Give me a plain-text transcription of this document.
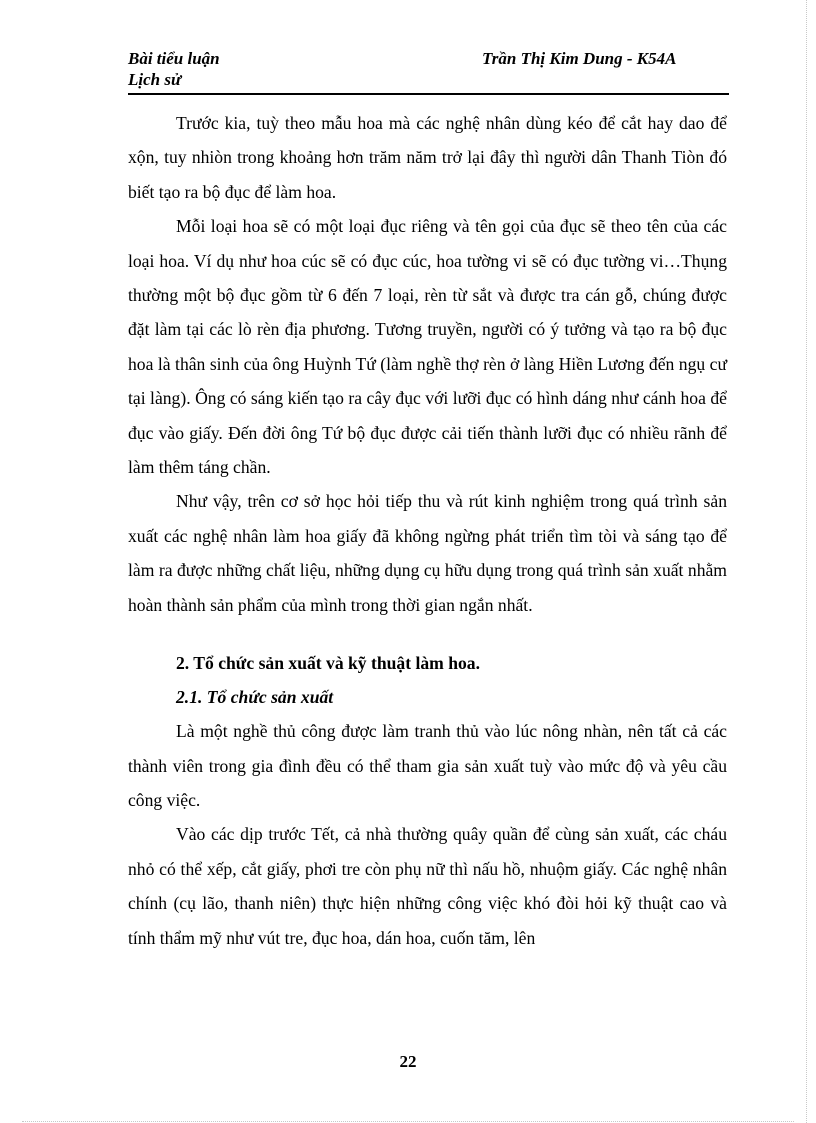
Bài tiểu luận
Lịch sử
Trần Thị Kim Dung - K54A

Trước kia, tuỳ theo mẫu hoa mà các nghệ nhân dùng kéo để cắt hay dao để xộn, tuy nhiòn trong khoảng hơn trăm năm trở lại đây thì người dân Thanh Tiòn đó biết tạo ra bộ đục để làm hoa.

Mỗi loại hoa sẽ có một loại đục riêng và tên gọi của đục sẽ theo tên của các loại hoa. Ví dụ như hoa cúc sẽ có đục cúc, hoa tường vi sẽ có đục tường vi…Thụng thường một bộ đục gồm từ 6 đến 7 loại, rèn từ sắt và được tra cán gỗ, chúng được đặt làm tại các lò rèn địa phương. Tương truyền, người có ý tưởng và tạo ra bộ đục hoa là thân sinh của ông Huỳnh Tứ (làm nghề thợ rèn ở làng Hiền Lương đến ngụ cư tại làng). Ông có sáng kiến tạo ra cây đục với lưỡi đục có hình dáng như cánh hoa để đục vào giấy. Đến đời ông Tứ bộ đục được cải tiến thành lưỡi đục có nhiều rãnh để làm thêm táng chần.

Như vậy, trên cơ sở học hỏi tiếp thu và rút kinh nghiệm trong quá trình sản xuất các nghệ nhân làm hoa giấy đã không ngừng phát triển tìm tòi và sáng tạo để làm ra được những chất liệu, những dụng cụ hữu dụng trong quá trình sản xuất nhằm hoàn thành sản phẩm của mình trong thời gian ngắn nhất.

2. Tổ chức sản xuất và kỹ thuật làm hoa.

2.1. Tổ chức sản xuất

Là một nghề thủ công được làm tranh thủ vào lúc nông nhàn, nên tất cả các thành viên trong gia đình đều có thể tham gia sản xuất tuỳ vào mức độ và yêu cầu công việc.

Vào các dịp trước Tết, cả nhà thường quây quần để cùng sản xuất, các cháu nhỏ có thể xếp, cắt giấy, phơi tre còn phụ nữ thì nấu hồ, nhuộm giấy. Các nghệ nhân chính (cụ lão, thanh niên) thực hiện những công việc khó đòi hỏi kỹ thuật cao và tính thẩm mỹ như vút tre, đục hoa, dán hoa, cuốn tăm, lên

22
